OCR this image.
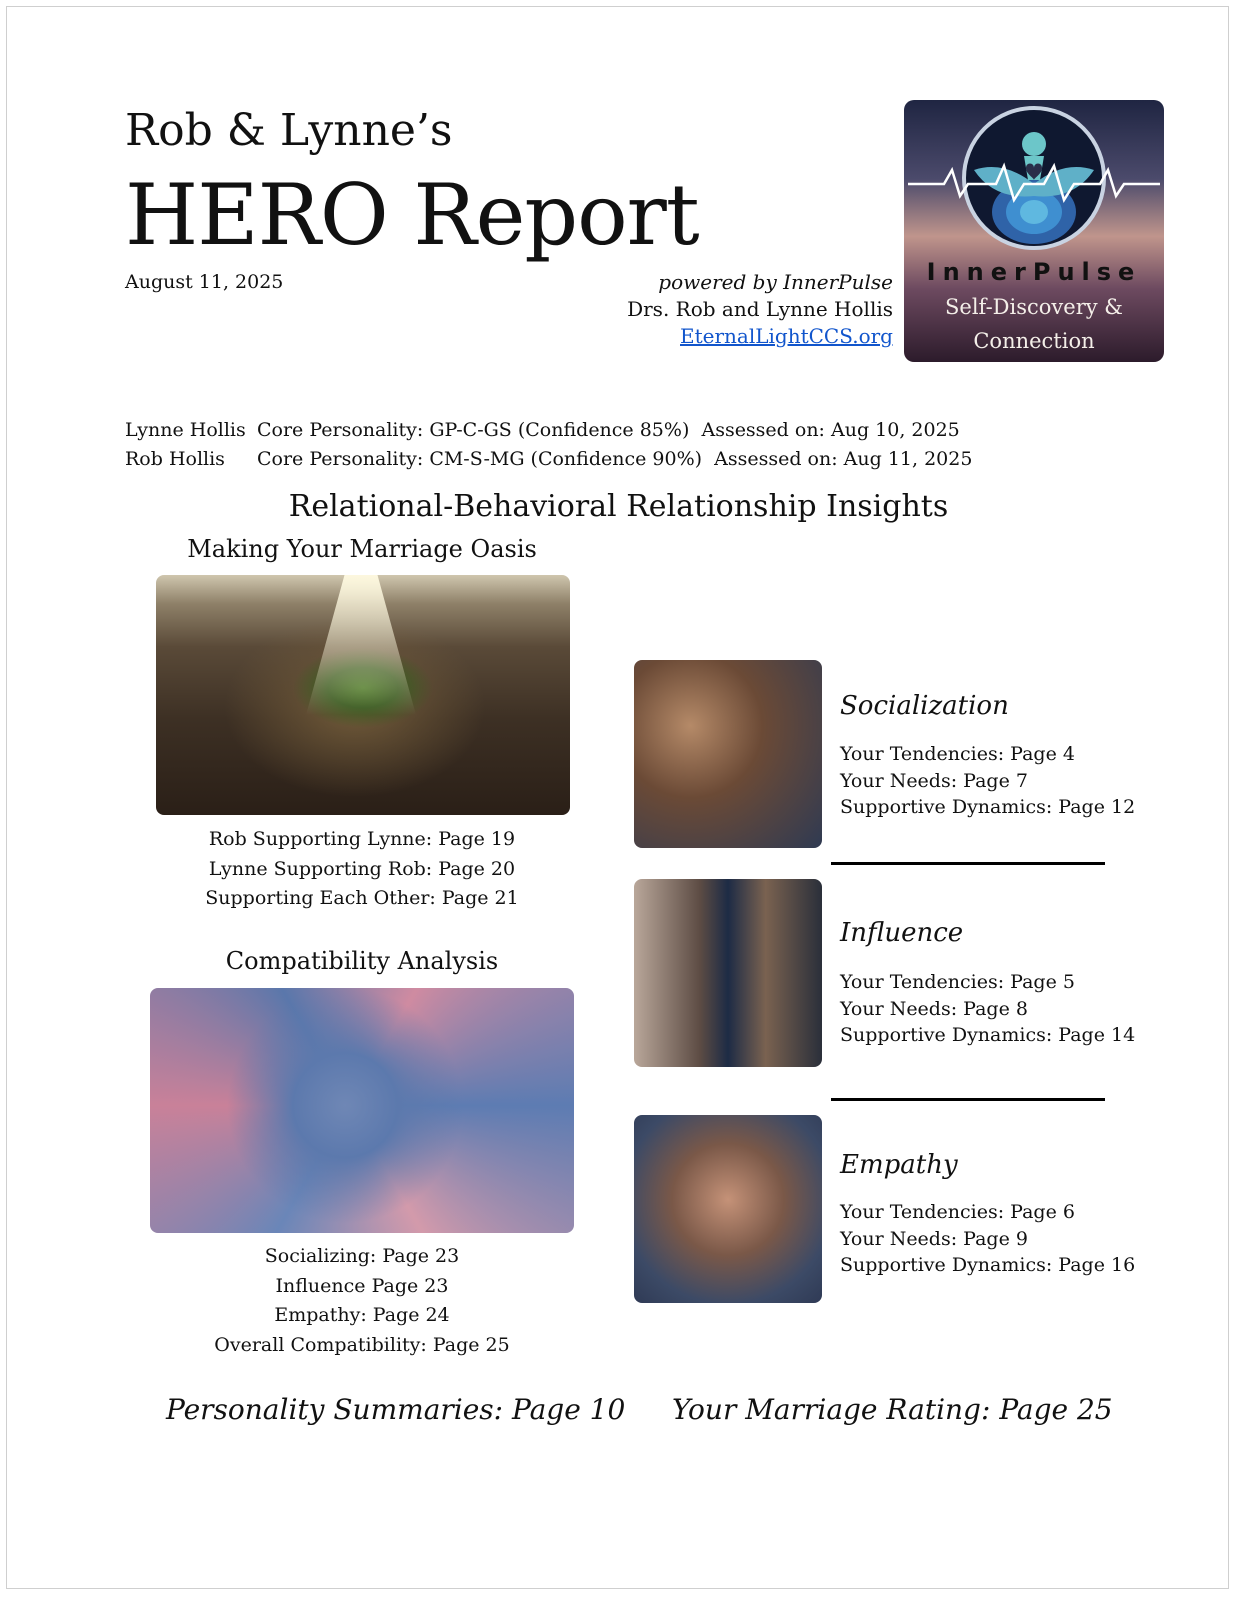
Rob & Lynne’s
HERO Report
August 11, 2025	powered by InnerPulse
Drs. Rob and Lynne Hollis
EternalLightCCS.org
InnerPulse
Self-Discovery &
Connection
Lynne Hollis Core Personality: GP-C-GS (Confidence 85%)
Assessed on: Aug 10, 2025
Rob Hollis	Core Personality: CM-S-MG (Confidence 90%)
Assessed on: Aug 11, 2025
Relational-Behavioral Relationship Insights
Making Your Marriage Oasis
Rob Supporting Lynne: Page 19
Lynne Supporting Rob: Page 20
Supporting Each Other: Page 21
Compatibility Analysis
Socializing: Page 23
Influence Page 23
Empathy: Page 24
Overall Compatibility: Page 25
Socialization
Your Tendencies: Page 4
Your Needs: Page 7
Supportive Dynamics: Page 12
Influence
Your Tendencies: Page 5
Your Needs: Page 8
Supportive Dynamics: Page 14
Empathy
Your Tendencies: Page 6
Your Needs: Page 9
Supportive Dynamics: Page 16
Personality Summaries: Page 10 Your Marriage Rating: Page 25
